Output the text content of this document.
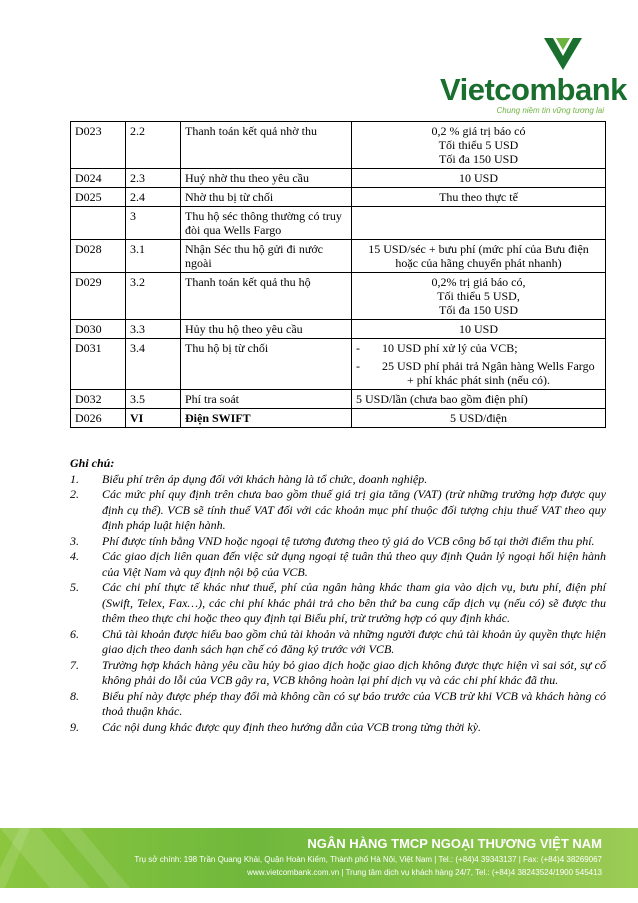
Vietcombank
Chung niềm tin vững tương lai
D023	2.2	Thanh toán kết quả nhờ thu	0,2 % giá trị báo có
Tối thiểu 5 USD
Tối đa 150 USD

D024	2.3	Huỷ nhờ thu theo yêu cầu	10 USD

D025	2.4	Nhờ thu bị từ chối	Thu theo thực tế

	3	Thu hộ séc thông thường có truy đòi qua Wells Fargo	
D028	3.1	Nhận Séc thu hộ gửi đi nước ngoài	15 USD/séc + bưu phí (mức phí của Bưu điện hoặc của hãng chuyển phát nhanh)

D029	3.2	Thanh toán kết quả thu hộ	0,2% trị giá báo có,
Tối thiểu 5 USD,
Tối đa 150 USD

D030	3.3	Hủy thu hộ theo yêu cầu	10 USD

D031	3.4	Thu hộ bị từ chối	- 10 USD phí xử lý của VCB;
- 25 USD phí phải trả Ngân hàng Wells Fargo
+ phí khác phát sinh (nếu có).

D032	3.5	Phí tra soát	5 USD/lần (chưa bao gồm điện phí)

D026	VI	Điện SWIFT	5 USD/điện
Ghi chú:
1. Biểu phí trên áp dụng đối với khách hàng là tổ chức, doanh nghiệp.
2. Các mức phí quy định trên chưa bao gồm thuế giá trị gia tăng (VAT) (trừ những trường hợp được quy định cụ thể). VCB sẽ tính thuế VAT đối với các khoản mục phí thuộc đối tượng chịu thuế VAT theo quy định pháp luật hiện hành.
3. Phí được tính bằng VND hoặc ngoại tệ tương đương theo tỷ giá do VCB công bố tại thời điểm thu phí.
4. Các giao dịch liên quan đến việc sử dụng ngoại tệ tuân thủ theo quy định Quản lý ngoại hối hiện hành của Việt Nam và quy định nội bộ của VCB.
5. Các chi phí thực tế khác như thuế, phí của ngân hàng khác tham gia vào dịch vụ, bưu phí, điện phí (Swift, Telex, Fax…), các chi phí khác phải trả cho bên thứ ba cung cấp dịch vụ (nếu có) sẽ được thu thêm theo thực chi hoặc theo quy định tại Biểu phí, trừ trường hợp có quy định khác.
6. Chủ tài khoản được hiểu bao gồm chủ tài khoản và những người được chủ tài khoản ủy quyền thực hiện giao dịch theo danh sách hạn chế có đăng ký trước với VCB.
7. Trường hợp khách hàng yêu cầu hủy bỏ giao dịch hoặc giao dịch không được thực hiện vì sai sót, sự cố không phải do lỗi của VCB gây ra, VCB không hoàn lại phí dịch vụ và các chi phí khác đã thu.
8. Biểu phí này được phép thay đổi mà không cần có sự báo trước của VCB trừ khi VCB và khách hàng có thoả thuận khác.
9. Các nội dung khác được quy định theo hướng dẫn của VCB trong từng thời kỳ.
NGÂN HÀNG TMCP NGOẠI THƯƠNG VIỆT NAM
Trụ sở chính: 198 Trần Quang Khải, Quận Hoàn Kiếm, Thành phố Hà Nội, Việt Nam | Tel.: (+84)4 39343137 | Fax: (+84)4 38269067
www.vietcombank.com.vn | Trung tâm dịch vụ khách hàng 24/7, Tel.: (+84)4 38243524/1900 545413
